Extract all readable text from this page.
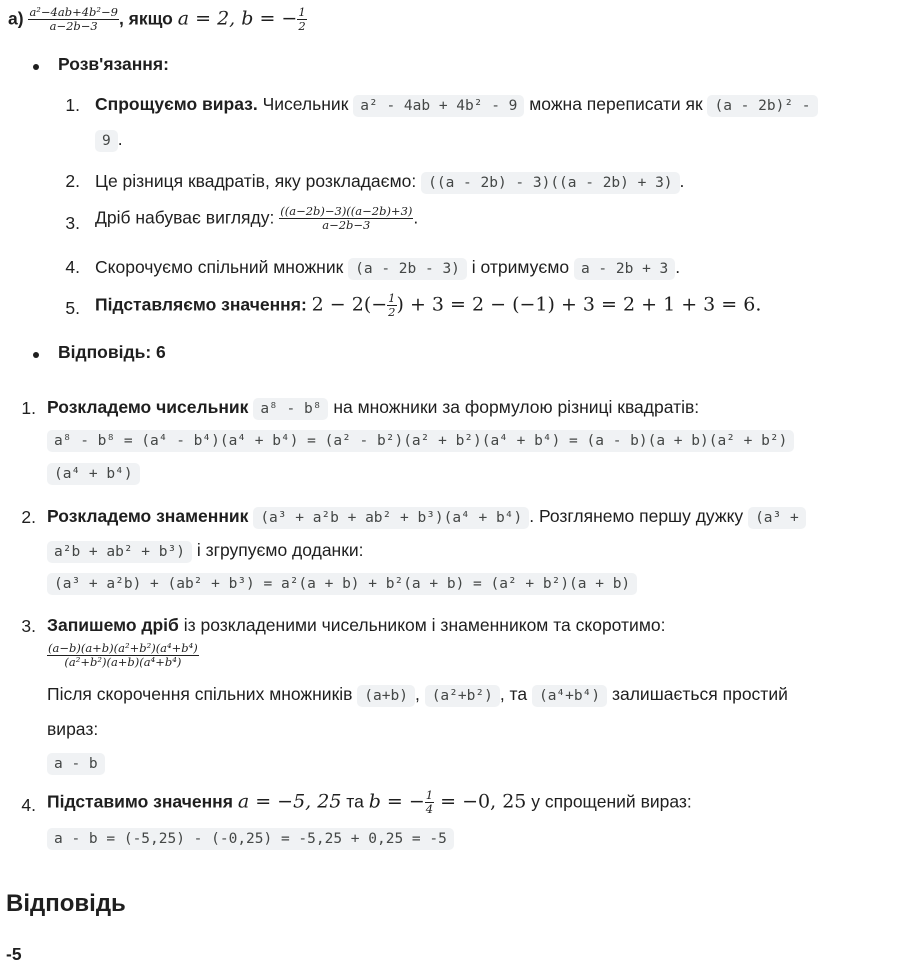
$a) \frac{\text{a²−4ab+4b²−9}}{a-2b-3}$ , якщо a = 2, b = − $\frac{1}{2}$
Розв'язання:
1. Спрощуємо вираз. Чисельник a² - 4ab + 4b² - 9 можна переписати як (a - 2b)² -
9 .
2. Це різниця квадратів, яку розкладаємо: ((a - 2b) - 3)((a - 2b) + 3) .
3. Дріб набуває вигляду: $\frac{((a-2b)-3)((a-2b)+3)}{a-2b-3}$ .
4. Скорочуємо спільний множник (a - 2b - 3) і отримуємо a - 2b + 3 .
5. Підставляємо значення: $2 - 2(- \frac{1}{2}$ ) + 3 = 2 − (−1) + 3 = 2 + 1 + 3 = 6.
Відповідь: 6
1. Розкладемо чисельник a⁸ - b⁸ на множники за формулою різниці квадратів:
a⁸ - b⁸ = (a⁴ - b⁴)(a⁴ + b⁴) = (a² - b²)(a² + b²)(a⁴ + b⁴) = (a - b)(a + b)(a² + b²)
(a⁴ + b⁴)
2. Розкладемо знаменник (a³ + a²b + ab² + b³)(a⁴ + b⁴) . Розглянемо першу дужку (a³ +
a²b + ab² + b³) і згрупуємо доданки:
(a³ + a²b) + (ab² + b³) = a²(a + b) + b²(a + b) = (a² + b²)(a + b)
3. Запишемо дріб із розкладеними чисельником і знаменником та скоротимо:
$\frac{\text{(a−b)(a+b)(a²+b²)(a⁴+b⁴)}}{\text{(a²+b²)(a+b)(a⁴+b⁴)}}$
Після скорочення спільних множників (a+b) , (a²+b²) , та (a⁴+b⁴) залишається простий
вираз:
a - b
4. Підставимо значення a = −5, 25 та b = − $\frac{1}{4} = -0$, 25 у спрощений вираз:
a - b = (-5,25) - (-0,25) = -5,25 + 0,25 = -5
Відповідь
-5
